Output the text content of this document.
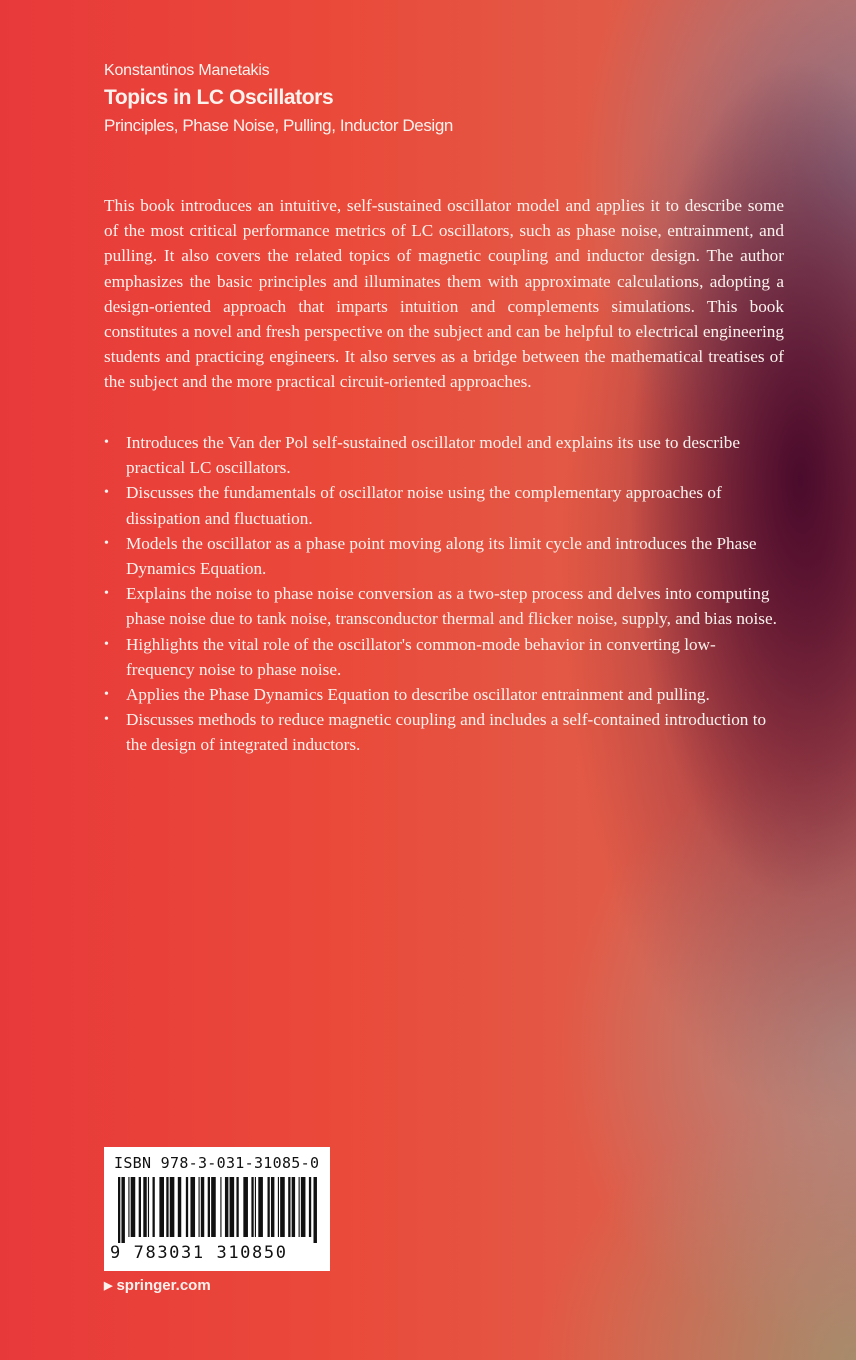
Konstantinos Manetakis

Topics in LC Oscillators

Principles, Phase Noise, Pulling, Inductor Design

This book introduces an intuitive, self-sustained oscillator model and applies it to describe some of the most critical performance metrics of LC oscillators, such as phase noise, entrainment, and pulling. It also covers the related topics of magnetic coupling and inductor design. The author emphasizes the basic principles and illuminates them with approximate calculations, adopting a design-oriented approach that imparts intuition and complements simulations. This book constitutes a novel and fresh perspective on the subject and can be helpful to electrical engineering students and practicing engineers. It also serves as a bridge between the mathematical treatises of the subject and the more practical circuit-oriented approaches.

• Introduces the Van der Pol self-sustained oscillator model and explains its use to describe practical LC oscillators.
• Discusses the fundamentals of oscillator noise using the complementary approaches of dissipation and fluctuation.
• Models the oscillator as a phase point moving along its limit cycle and introduces the Phase Dynamics Equation.
• Explains the noise to phase noise conversion as a two-step process and delves into computing phase noise due to tank noise, transconductor thermal and flicker noise, supply, and bias noise.
• Highlights the vital role of the oscillator's common-mode behavior in converting low-frequency noise to phase noise.
• Applies the Phase Dynamics Equation to describe oscillator entrainment and pulling.
• Discusses methods to reduce magnetic coupling and includes a self-contained introduction to the design of integrated inductors.
ISBN 978-3-031-31085-0
9 783031 310850
▶ springer.com
